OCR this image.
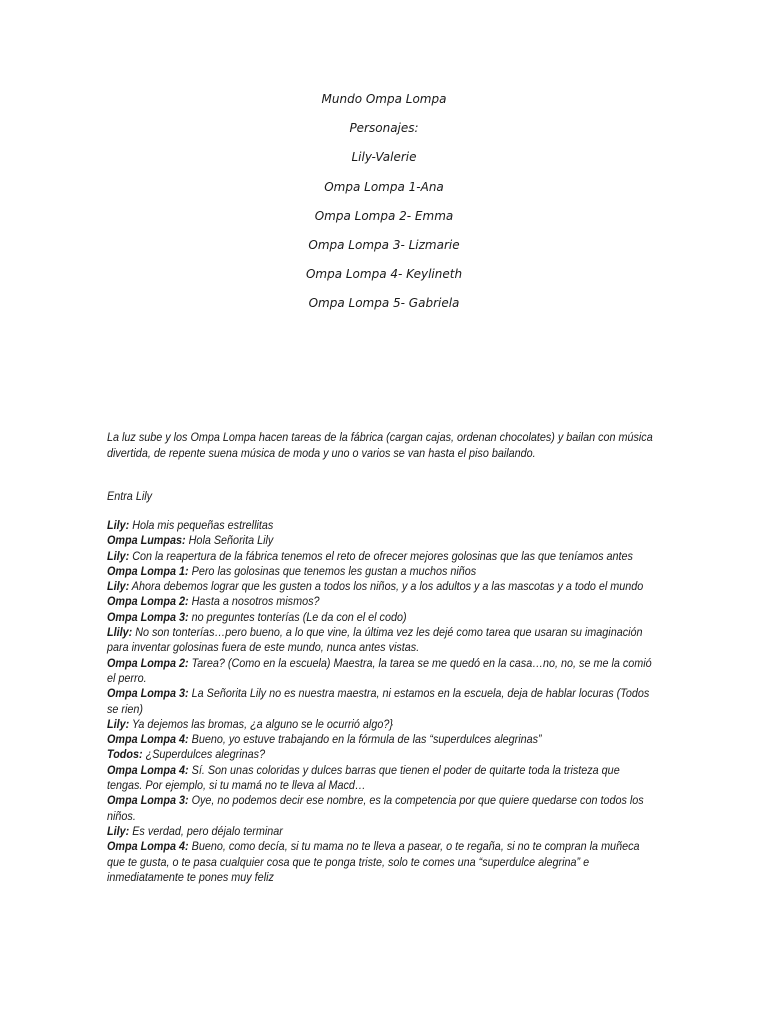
Mundo Ompa Lompa
Personajes:
Lily-Valerie
Ompa Lompa 1-Ana
Ompa Lompa 2- Emma
Ompa Lompa 3- Lizmarie
Ompa Lompa 4- Keylineth
Ompa Lompa 5- Gabriela
La luz sube y los Ompa Lompa hacen tareas de la fábrica (cargan cajas, ordenan chocolates) y bailan con música divertida, de repente suena música de moda y uno o varios se van hasta el piso bailando.
Entra Lily
Lily: Hola mis pequeñas estrellitas
Ompa Lumpas: Hola Señorita Lily
Lily: Con la reapertura de la fábrica tenemos el reto de ofrecer mejores golosinas que las que teníamos antes
Ompa Lompa 1: Pero las golosinas que tenemos les gustan a muchos niños
Lily: Ahora debemos lograr que les gusten a todos los niños, y a los adultos y a las mascotas y a todo el mundo
Ompa Lompa 2: Hasta a nosotros mismos?
Ompa Lompa 3: no preguntes tonterías (Le da con el el codo)
Llily: No son tonterías…pero bueno, a lo que vine, la última vez les dejé como tarea que usaran su imaginación para inventar golosinas fuera de este mundo, nunca antes vistas.
Ompa Lompa 2: Tarea? (Como en la escuela) Maestra, la tarea se me quedó en la casa…no, no, se me la comió el perro.
Ompa Lompa 3: La Señorita Lily no es nuestra maestra, ni estamos en la escuela, deja de hablar locuras (Todos se rien)
Lily: Ya dejemos las bromas, ¿a alguno se le ocurrió algo?}
Ompa Lompa 4: Bueno, yo estuve trabajando en la fórmula de las “superdulces alegrinas”
Todos: ¿Superdulces alegrinas?
Ompa Lompa 4: Sí. Son unas coloridas y dulces barras que tienen el poder de quitarte toda la tristeza que tengas. Por ejemplo, si tu mamá no te lleva al Macd…
Ompa Lompa 3: Oye, no podemos decir ese nombre, es la competencia por que quiere quedarse con todos los niños.
Lily: Es verdad, pero déjalo terminar
Ompa Lompa 4: Bueno, como decía, si tu mama no te lleva a pasear, o te regaña, si no te compran la muñeca que te gusta, o te pasa cualquier cosa que te ponga triste, solo te comes una “superdulce alegrina” e inmediatamente te pones muy feliz
